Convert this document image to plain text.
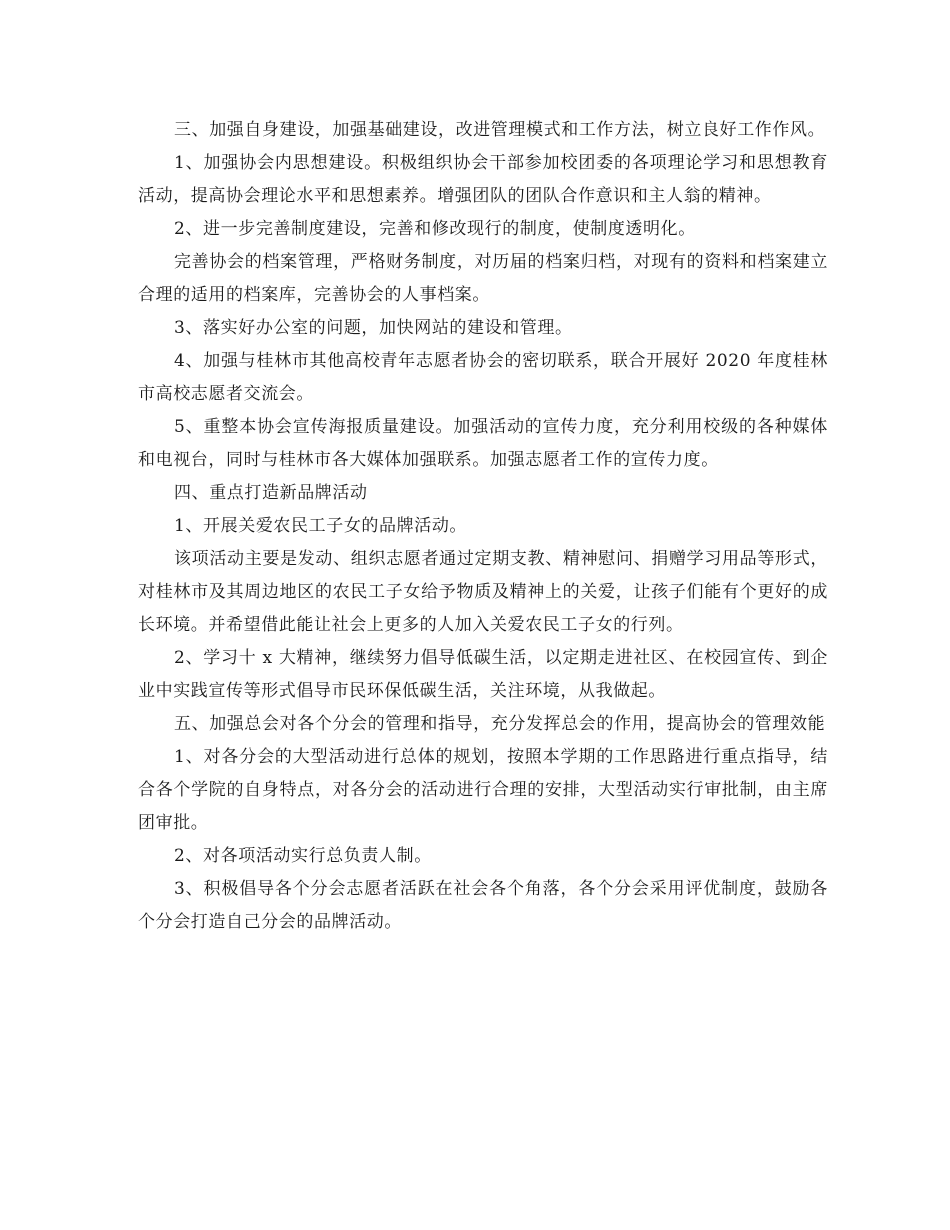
三、加强自身建设，加强基础建设，改进管理模式和工作方法，树立良好工作作风。

1、加强协会内思想建设。积极组织协会干部参加校团委的各项理论学习和思想教育活动，提高协会理论水平和思想素养。增强团队的团队合作意识和主人翁的精神。

2、进一步完善制度建设，完善和修改现行的制度，使制度透明化。

完善协会的档案管理，严格财务制度，对历届的档案归档，对现有的资料和档案建立合理的适用的档案库，完善协会的人事档案。

3、落实好办公室的问题，加快网站的建设和管理。

4、加强与桂林市其他高校青年志愿者协会的密切联系，联合开展好 2020 年度桂林市高校志愿者交流会。

5、重整本协会宣传海报质量建设。加强活动的宣传力度，充分利用校级的各种媒体和电视台，同时与桂林市各大媒体加强联系。加强志愿者工作的宣传力度。

四、重点打造新品牌活动

1、开展关爱农民工子女的品牌活动。

该项活动主要是发动、组织志愿者通过定期支教、精神慰问、捐赠学习用品等形式，对桂林市及其周边地区的农民工子女给予物质及精神上的关爱，让孩子们能有个更好的成长环境。并希望借此能让社会上更多的人加入关爱农民工子女的行列。

2、学习十 x 大精神，继续努力倡导低碳生活，以定期走进社区、在校园宣传、到企业中实践宣传等形式倡导市民环保低碳生活，关注环境，从我做起。

五、加强总会对各个分会的管理和指导，充分发挥总会的作用，提高协会的管理效能

1、对各分会的大型活动进行总体的规划，按照本学期的工作思路进行重点指导，结合各个学院的自身特点，对各分会的活动进行合理的安排，大型活动实行审批制，由主席团审批。

2、对各项活动实行总负责人制。

3、积极倡导各个分会志愿者活跃在社会各个角落，各个分会采用评优制度，鼓励各个分会打造自己分会的品牌活动。
